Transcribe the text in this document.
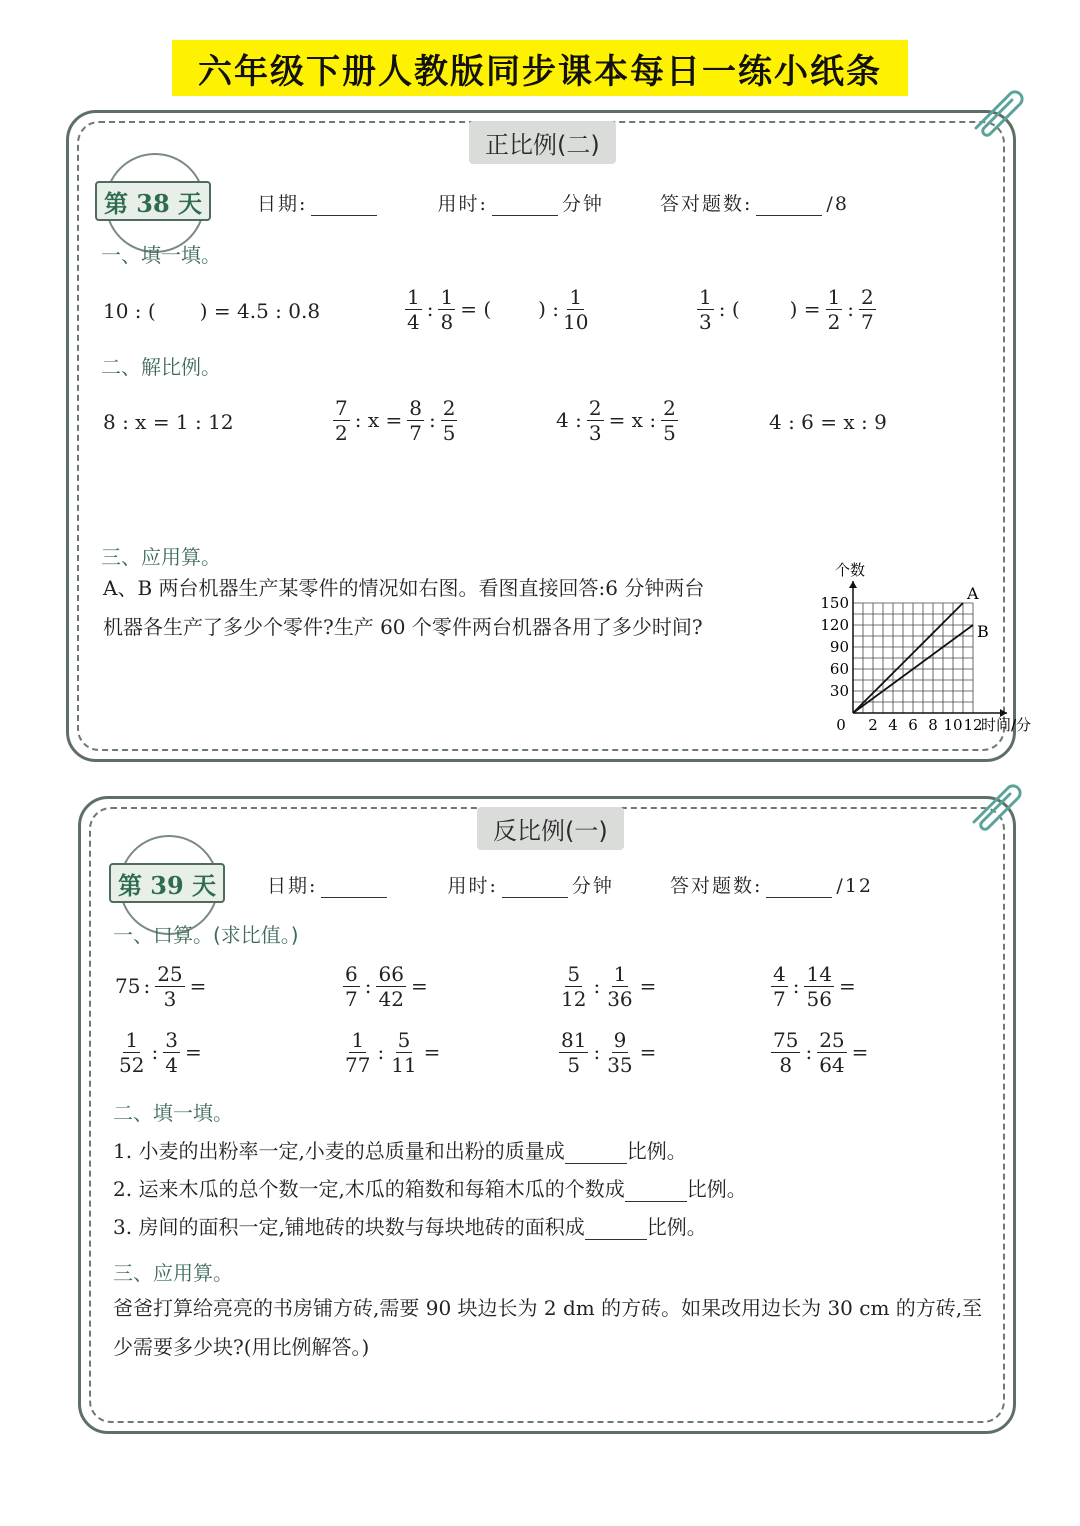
六年级下册人教版同步课本每日一练小纸条
正比例(二)
第 38 天	日期:	用时:	分钟	答对题数:	/8
一、填一填。
10 : ( ) = 4.5 : 0.8	$\frac{1}{4}$ : $\frac{1}{8}$ = ( ) : $\frac{1}{10}$	$\frac{1}{3}$ : (	) = $\frac{1}{2}$ : $\frac{2}{7}$
二、解比例。
8 : x = 1 : 12	$\frac{7}{2}$ : $x = \frac{8}{7}$ : $\frac{2}{5}$	4 : $\frac{2}{3} = x$ : $\frac{2}{5}$	4 : 6 = x : 9
三、应用算。
A、B 两台机器生产某零件的情况如右图。看图直接回答:6 分钟两台机器各生产了多少个零件?生产 60 个零件两台机器各用了多少时间?
0 2 4 6 8 10 12
30
60
90
120
150
个数
时间/分
A
B
反比例(一)
第 39 天	日期:	用时:	分钟	答对题数:	/12
一、口算。(求比值。)
75 : $\frac{25}{3}$ =	$\frac{6}{7}$ : $\frac{66}{42}$ =	$\frac{5}{12}$ : $\frac{1}{36}$ =	$\frac{4}{7}$ : $\frac{14}{56}$ =
$\frac{1}{52}$ : $\frac{3}{4}$ =	$\frac{1}{77}$ : $\frac{5}{11}$ =	$\frac{81}{5}$ : $\frac{9}{35}$ =	$\frac{75}{8}$ : $\frac{25}{64}$ =
二、填一填。
1. 小麦的出粉率一定,小麦的总质量和出粉的质量成	比例。
2. 运来木瓜的总个数一定,木瓜的箱数和每箱木瓜的个数成	比例。
3. 房间的面积一定,铺地砖的块数与每块地砖的面积成	比例。
三、应用算。
爸爸打算给亮亮的书房铺方砖,需要 90 块边长为 2 dm 的方砖。如果改用边长为 30 cm 的方砖,至少需要多少块?(用比例解答。)
